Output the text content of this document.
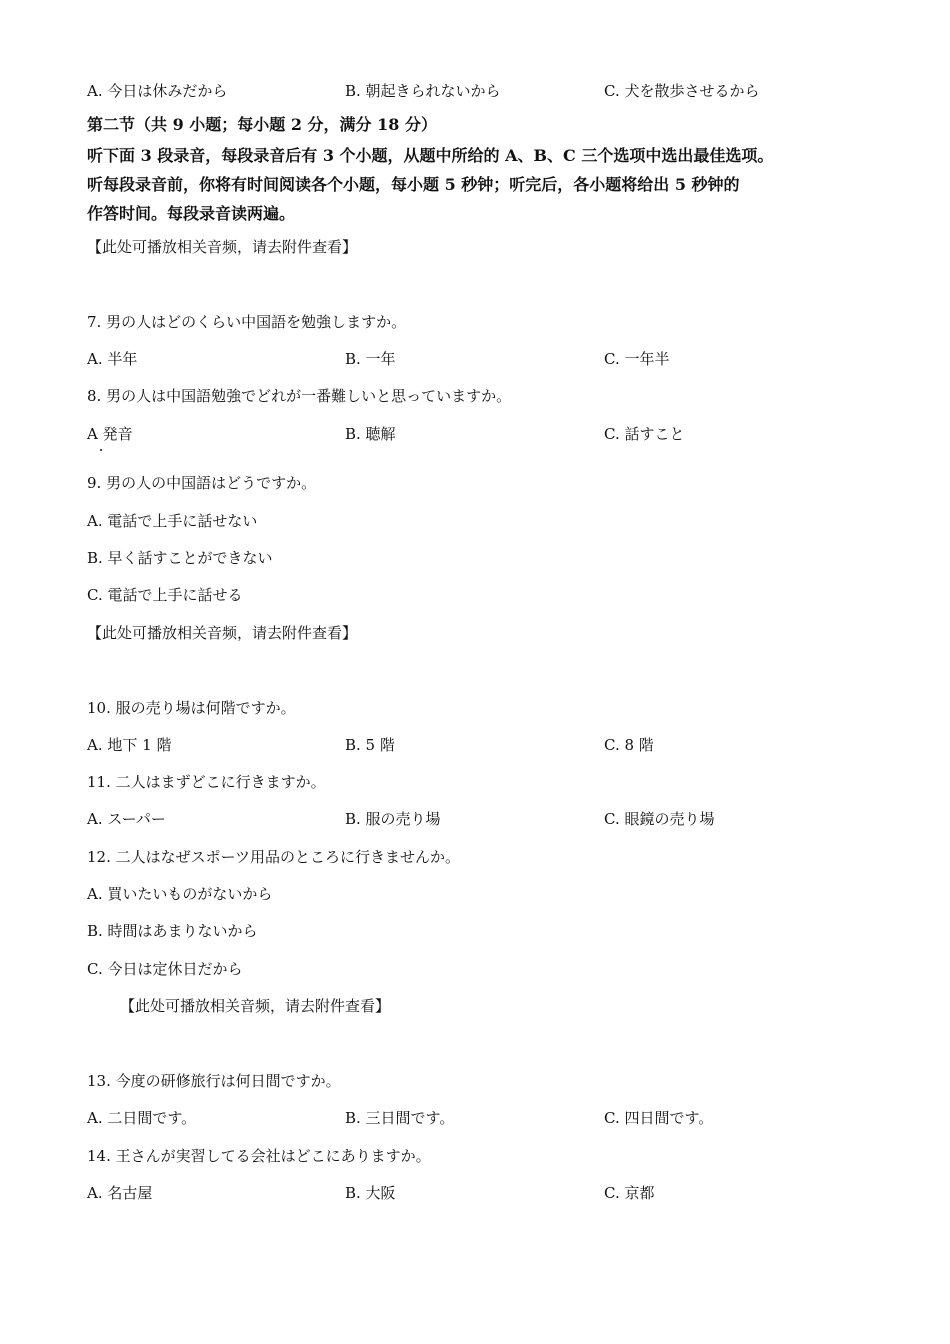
A. 今日は休みだから	B. 朝起きられないから	C. 犬を散歩させるから
第二节（共 9 小题；每小题 2 分，满分 18 分）
听下面 3 段录音，每段录音后有 3 个小题，从题中所给的 A、B、C 三个选项中选出最佳选项。
听每段录音前，你将有时间阅读各个小题，每小题 5 秒钟；听完后，各小题将给出 5 秒钟的
作答时间。每段录音读两遍。
【此处可播放相关音频，请去附件查看】
7. 男の人はどのくらい中国語を勉強しますか。
A. 半年	B. 一年	C. 一年半
8. 男の人は中国語勉強でどれが一番難しいと思っていますか。
A 発音	B. 聴解	C. 話すこと
9. 男の人の中国語はどうですか。
A. 電話で上手に話せない
B. 早く話すことができない
C. 電話で上手に話せる
【此处可播放相关音频，请去附件查看】
10. 服の売り場は何階ですか。
A. 地下 1 階	B. 5 階	C. 8 階
11. 二人はまずどこに行きますか。
A. スーパー	B. 服の売り場	C. 眼鏡の売り場
12. 二人はなぜスポーツ用品のところに行きませんか。
A. 買いたいものがないから
B. 時間はあまりないから
C. 今日は定休日だから
【此处可播放相关音频，请去附件查看】
13. 今度の研修旅行は何日間ですか。
A. 二日間です。	B. 三日間です。	C. 四日間です。
14. 王さんが実習してる会社はどこにありますか。
A. 名古屋	B. 大阪	C. 京都
